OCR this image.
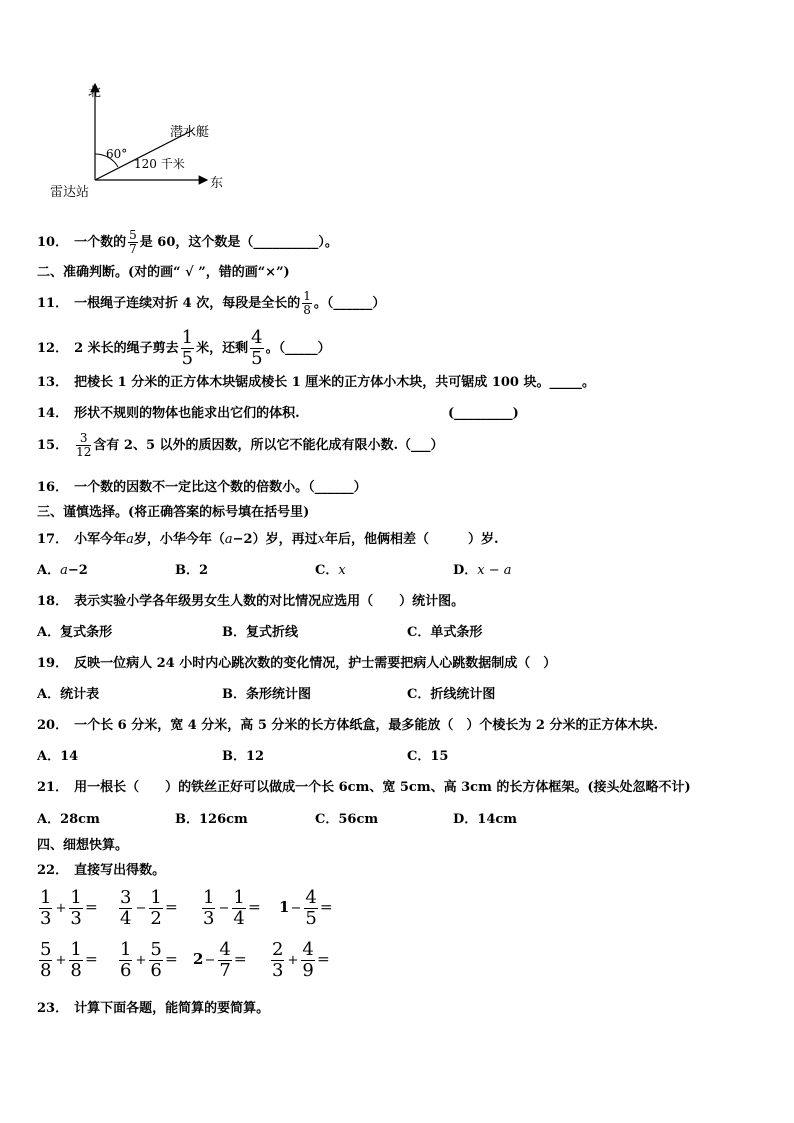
北
东
雷达站
潜水艇
60°
120 千米
10． 一个数的 $\frac{5}{7}$ 是 60，这个数是（__________）。
二、准确判断。(对的画“ √ ”，错的画“×”)
11． 一根绳子连续对折 4 次，每段是全长的 $\frac{1}{8}$ 。（______）
12． 2 米长的绳子剪去 $\frac{1}{5}$ 米，还剩 $\frac{4}{5}$ 。（_____）
13． 把棱长 1 分米的正方体木块锯成棱长 1 厘米的正方体小木块，共可锯成 100 块。_____。
14． 形状不规则的物体也能求出它们的体积.	(_________)
15． $\frac{3}{12}$ 含有 2、5 以外的质因数，所以它不能化成有限小数.（___）
16． 一个数的因数不一定比这个数的倍数小。（______）
三、谨慎选择。(将正确答案的标号填在括号里)
17． 小军今年a岁，小华今年（a−2）岁，再过x年后，他俩相差（　　　）岁.
A．a−2	B．2	C．x	D．x − a
18． 表示实验小学各年级男女生人数的对比情况应选用（　　）统计图。
A．复式条形	B．复式折线	C．单式条形
19． 反映一位病人 24 小时内心跳次数的变化情况，护士需要把病人心跳数据制成（　）
A．统计表	B．条形统计图	C．折线统计图
20． 一个长 6 分米，宽 4 分米，高 5 分米的长方体纸盒，最多能放（　）个棱长为 2 分米的正方体木块.
A．14	B．12	C．15
21． 用一根长（　　）的铁丝正好可以做成一个长 6cm、宽 5cm、高 3cm 的长方体框架。(接头处忽略不计)
A．28cm	B．126cm	C．56cm	D．14cm
四、细想快算。
22． 直接写出得数。
$\frac{1}{3} + \frac{1}{3} = \frac{3}{4} - \frac{1}{2} = \frac{1}{3} - \frac{1}{4} = 1- \frac{4}{5}$ ＝
$\frac{5}{8} + \frac{1}{8} = \frac{1}{6} + \frac{5}{6} = 2- \frac{4}{7} = \frac{2}{3} + \frac{4}{9}$ ＝
23． 计算下面各题，能简算的要简算。
